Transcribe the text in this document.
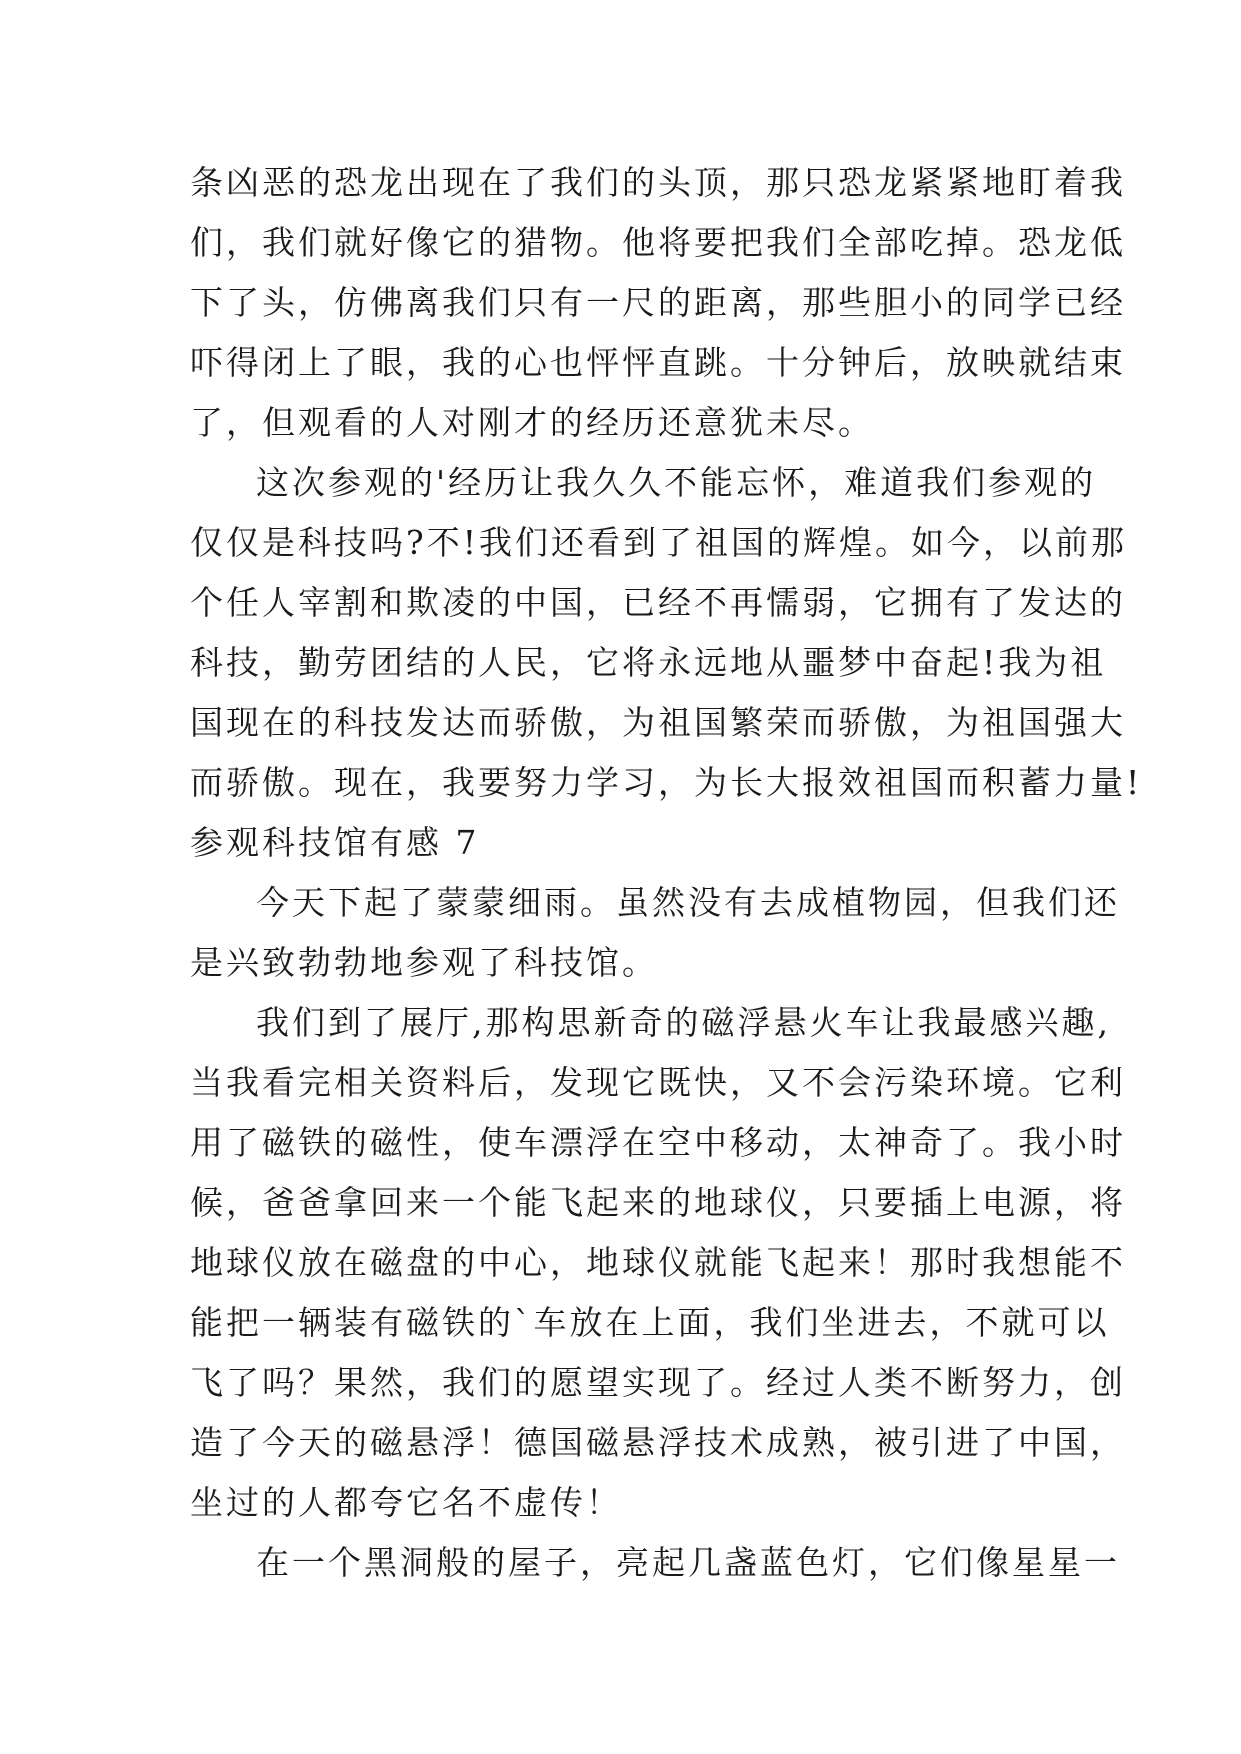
条凶恶的恐龙出现在了我们的头顶，那只恐龙紧紧地盯着我
们，我们就好像它的猎物。他将要把我们全部吃掉。恐龙低
下了头，仿佛离我们只有一尺的距离，那些胆小的同学已经
吓得闭上了眼，我的心也怦怦直跳。十分钟后，放映就结束
了，但观看的人对刚才的经历还意犹未尽。
这次参观的'经历让我久久不能忘怀，难道我们参观的
仅仅是科技吗?不!我们还看到了祖国的辉煌。如今，以前那
个任人宰割和欺凌的中国，已经不再懦弱，它拥有了发达的
科技，勤劳团结的人民，它将永远地从噩梦中奋起!我为祖
国现在的科技发达而骄傲，为祖国繁荣而骄傲，为祖国强大
而骄傲。现在，我要努力学习，为长大报效祖国而积蓄力量!
参观科技馆有感 7
今天下起了蒙蒙细雨。虽然没有去成植物园，但我们还
是兴致勃勃地参观了科技馆。
我们到了展厅,那构思新奇的磁浮悬火车让我最感兴趣,
当我看完相关资料后，发现它既快，又不会污染环境。它利
用了磁铁的磁性，使车漂浮在空中移动，太神奇了。我小时
候，爸爸拿回来一个能飞起来的地球仪，只要插上电源，将
地球仪放在磁盘的中心，地球仪就能飞起来！那时我想能不
能把一辆装有磁铁的`车放在上面，我们坐进去，不就可以
飞了吗？果然，我们的愿望实现了。经过人类不断努力，创
造了今天的磁悬浮！德国磁悬浮技术成熟，被引进了中国，
坐过的人都夸它名不虚传！
在一个黑洞般的屋子，亮起几盏蓝色灯，它们像星星一
